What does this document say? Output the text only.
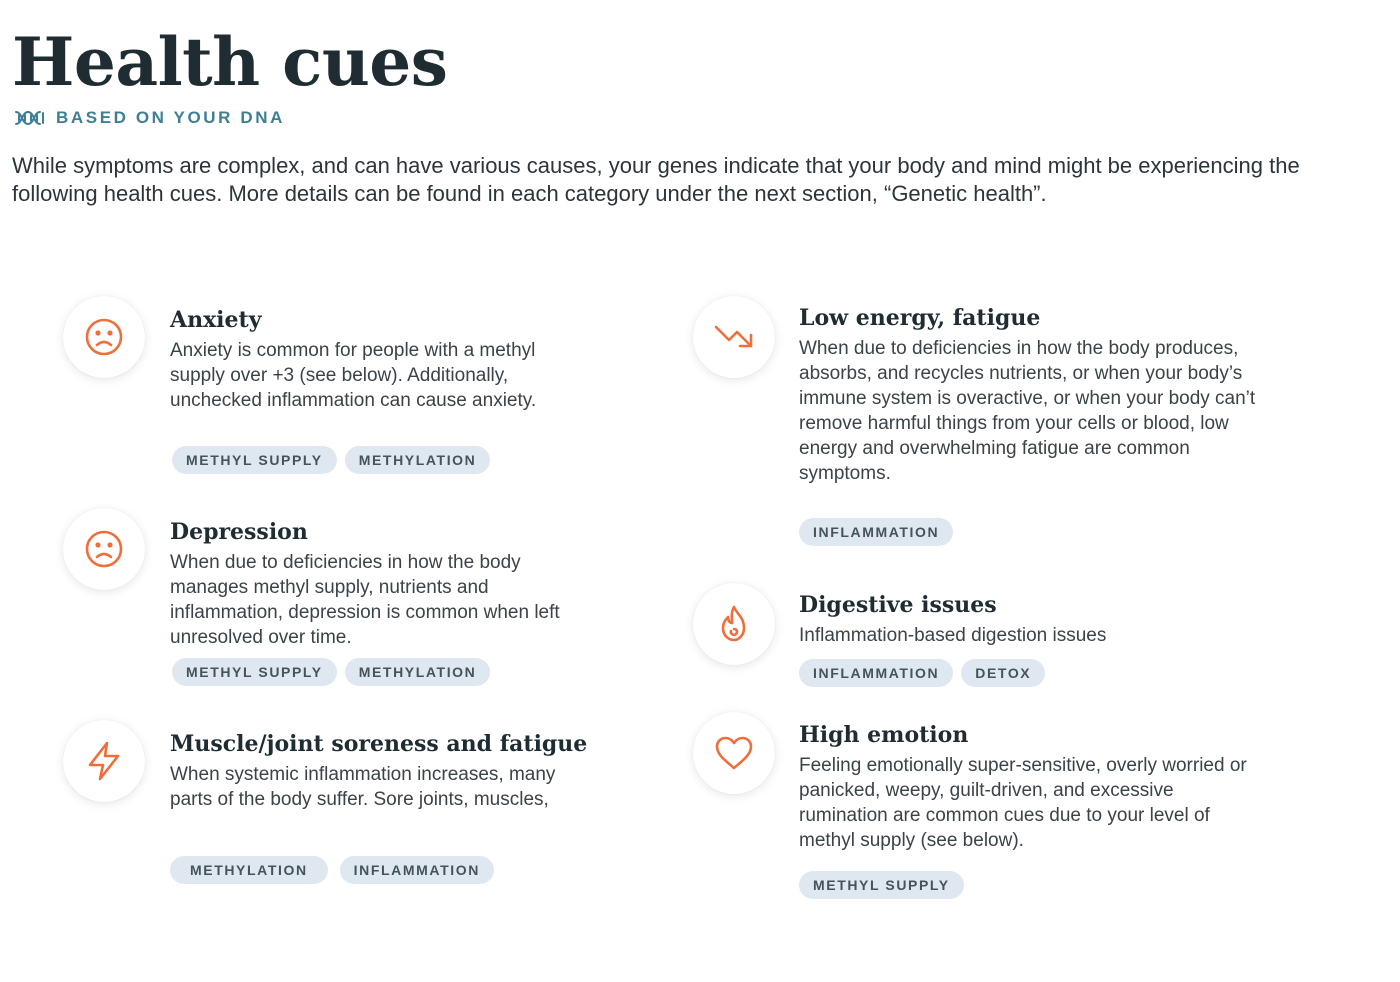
Health cues
BASED ON YOUR DNA

While symptoms are complex, and can have various causes, your genes indicate that your body and mind might be experiencing the following health cues. More details can be found in each category under the next section, “Genetic health”.

Anxiety
Anxiety is common for people with a methyl supply over +3 (see below). Additionally, unchecked inflammation can cause anxiety.
METHYL SUPPLY	METHYLATION
Depression
When due to deficiencies in how the body manages methyl supply, nutrients and inflammation, depression is common when left unresolved over time.
METHYL SUPPLY	METHYLATION
Muscle/joint soreness and fatigue
When systemic inflammation increases, many parts of the body suffer. Sore joints, muscles,
METHYLATION	INFLAMMATION
Low energy, fatigue
When due to deficiencies in how the body produces, absorbs, and recycles nutrients, or when your body’s immune system is overactive, or when your body can’t remove harmful things from your cells or blood, low energy and overwhelming fatigue are common symptoms.
INFLAMMATION
Digestive issues
Inflammation-based digestion issues
INFLAMMATION	DETOX
High emotion
Feeling emotionally super-sensitive, overly worried or panicked, weepy, guilt-driven, and excessive rumination are common cues due to your level of methyl supply (see below).
METHYL SUPPLY
